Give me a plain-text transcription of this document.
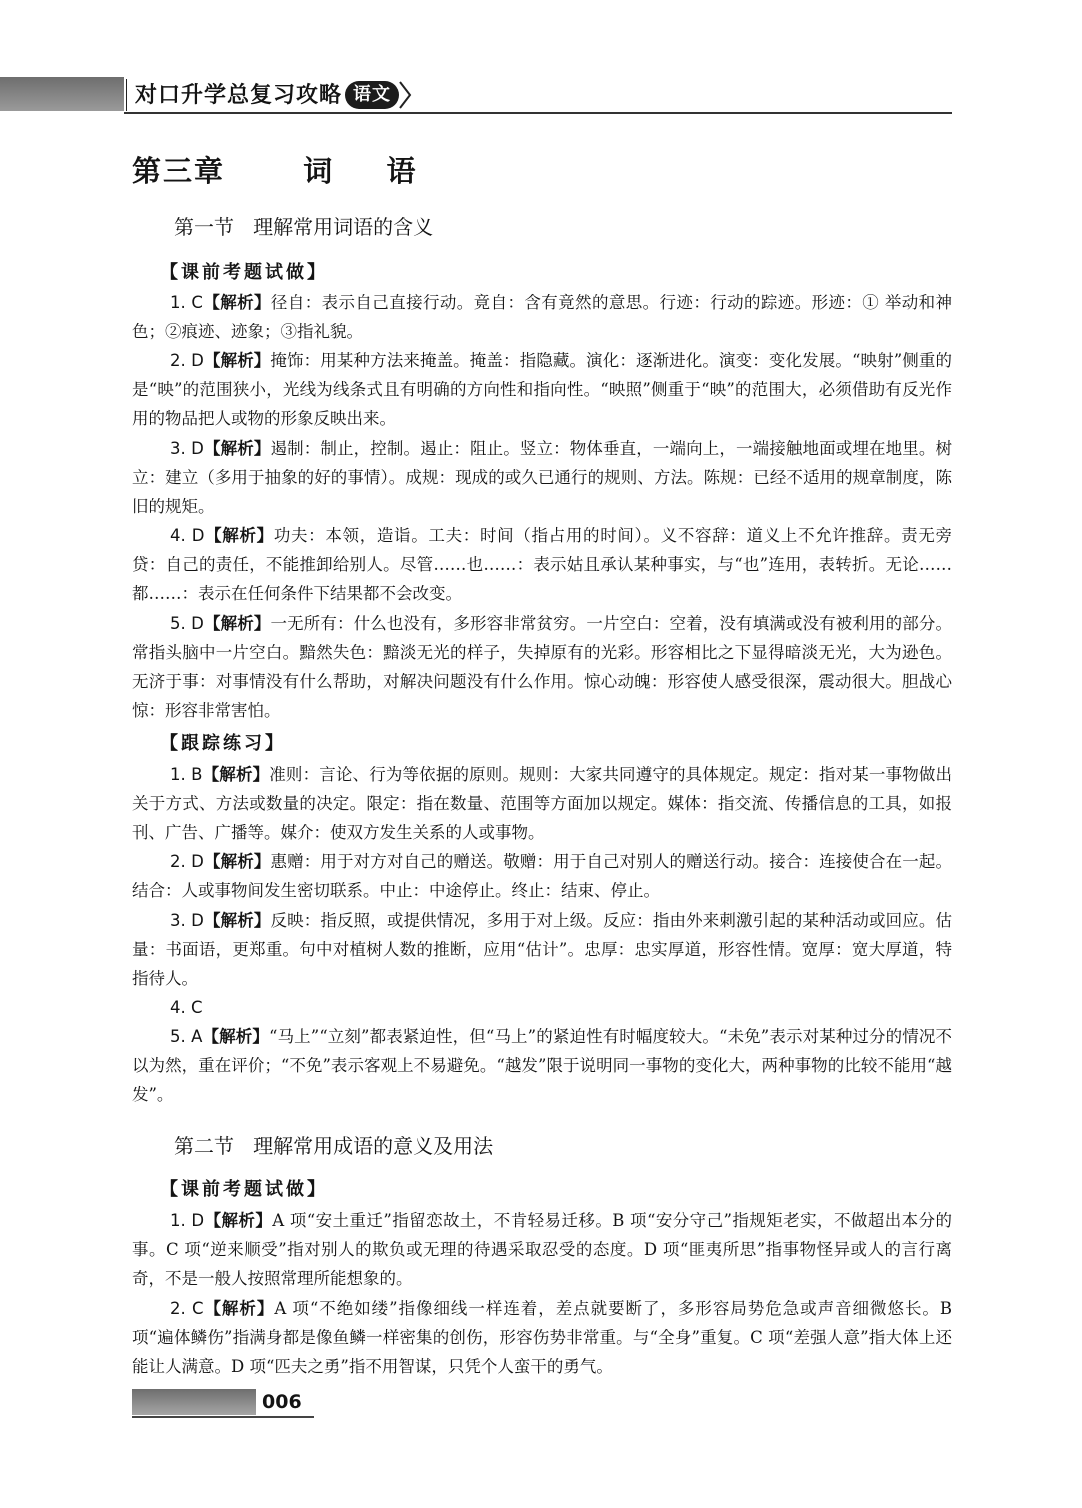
对口升学总复习攻略 语文
第三章   词  语
第一节   理解常用词语的含义
【课前考题试做】

1. C【解析】径自：表示自己直接行动。竟自：含有竟然的意思。行迹：行动的踪迹。形迹：① 举动和神色；②痕迹、迹象；③指礼貌。

2. D【解析】掩饰：用某种方法来掩盖。掩盖：指隐藏。演化：逐渐进化。演变：变化发展。“映射”侧重的是“映”的范围狭小，光线为线条式且有明确的方向性和指向性。“映照”侧重于“映”的范围大，必须借助有反光作用的物品把人或物的形象反映出来。

3. D【解析】遏制：制止，控制。遏止：阻止。竖立：物体垂直，一端向上，一端接触地面或埋在地里。树立：建立（多用于抽象的好的事情）。成规：现成的或久已通行的规则、方法。陈规：已经不适用的规章制度，陈旧的规矩。

4. D【解析】功夫：本领，造诣。工夫：时间（指占用的时间）。义不容辞：道义上不允许推辞。责无旁贷：自己的责任，不能推卸给别人。尽管……也……：表示姑且承认某种事实，与“也”连用，表转折。无论……都……：表示在任何条件下结果都不会改变。

5. D【解析】一无所有：什么也没有，多形容非常贫穷。一片空白：空着，没有填满或没有被利用的部分。常指头脑中一片空白。黯然失色：黯淡无光的样子，失掉原有的光彩。形容相比之下显得暗淡无光，大为逊色。无济于事：对事情没有什么帮助，对解决问题没有什么作用。惊心动魄：形容使人感受很深，震动很大。胆战心惊：形容非常害怕。

【跟踪练习】

1. B【解析】准则：言论、行为等依据的原则。规则：大家共同遵守的具体规定。规定：指对某一事物做出关于方式、方法或数量的决定。限定：指在数量、范围等方面加以规定。媒体：指交流、传播信息的工具，如报刊、广告、广播等。媒介：使双方发生关系的人或事物。

2. D【解析】惠赠：用于对方对自己的赠送。敬赠：用于自己对别人的赠送行动。接合：连接使合在一起。结合：人或事物间发生密切联系。中止：中途停止。终止：结束、停止。

3. D【解析】反映：指反照，或提供情况，多用于对上级。反应：指由外来刺激引起的某种活动或回应。估量：书面语，更郑重。句中对植树人数的推断，应用“估计”。忠厚：忠实厚道，形容性情。宽厚：宽大厚道，特指待人。

4. C

5. A【解析】“马上”“立刻”都表紧迫性，但“马上”的紧迫性有时幅度较大。“未免”表示对某种过分的情况不以为然，重在评价；“不免”表示客观上不易避免。“越发”限于说明同一事物的变化大，两种事物的比较不能用“越发”。

第二节   理解常用成语的意义及用法
【课前考题试做】

1. D【解析】A 项“安土重迁”指留恋故土，不肯轻易迁移。B 项“安分守己”指规矩老实，不做超出本分的事。C 项“逆来顺受”指对别人的欺负或无理的待遇采取忍受的态度。D 项“匪夷所思”指事物怪异或人的言行离奇，不是一般人按照常理所能想象的。

2. C【解析】A 项“不绝如缕”指像细线一样连着，差点就要断了，多形容局势危急或声音细微悠长。B 项“遍体鳞伤”指满身都是像鱼鳞一样密集的创伤，形容伤势非常重。与“全身”重复。C 项“差强人意”指大体上还能让人满意。D 项“匹夫之勇”指不用智谋，只凭个人蛮干的勇气。

006
